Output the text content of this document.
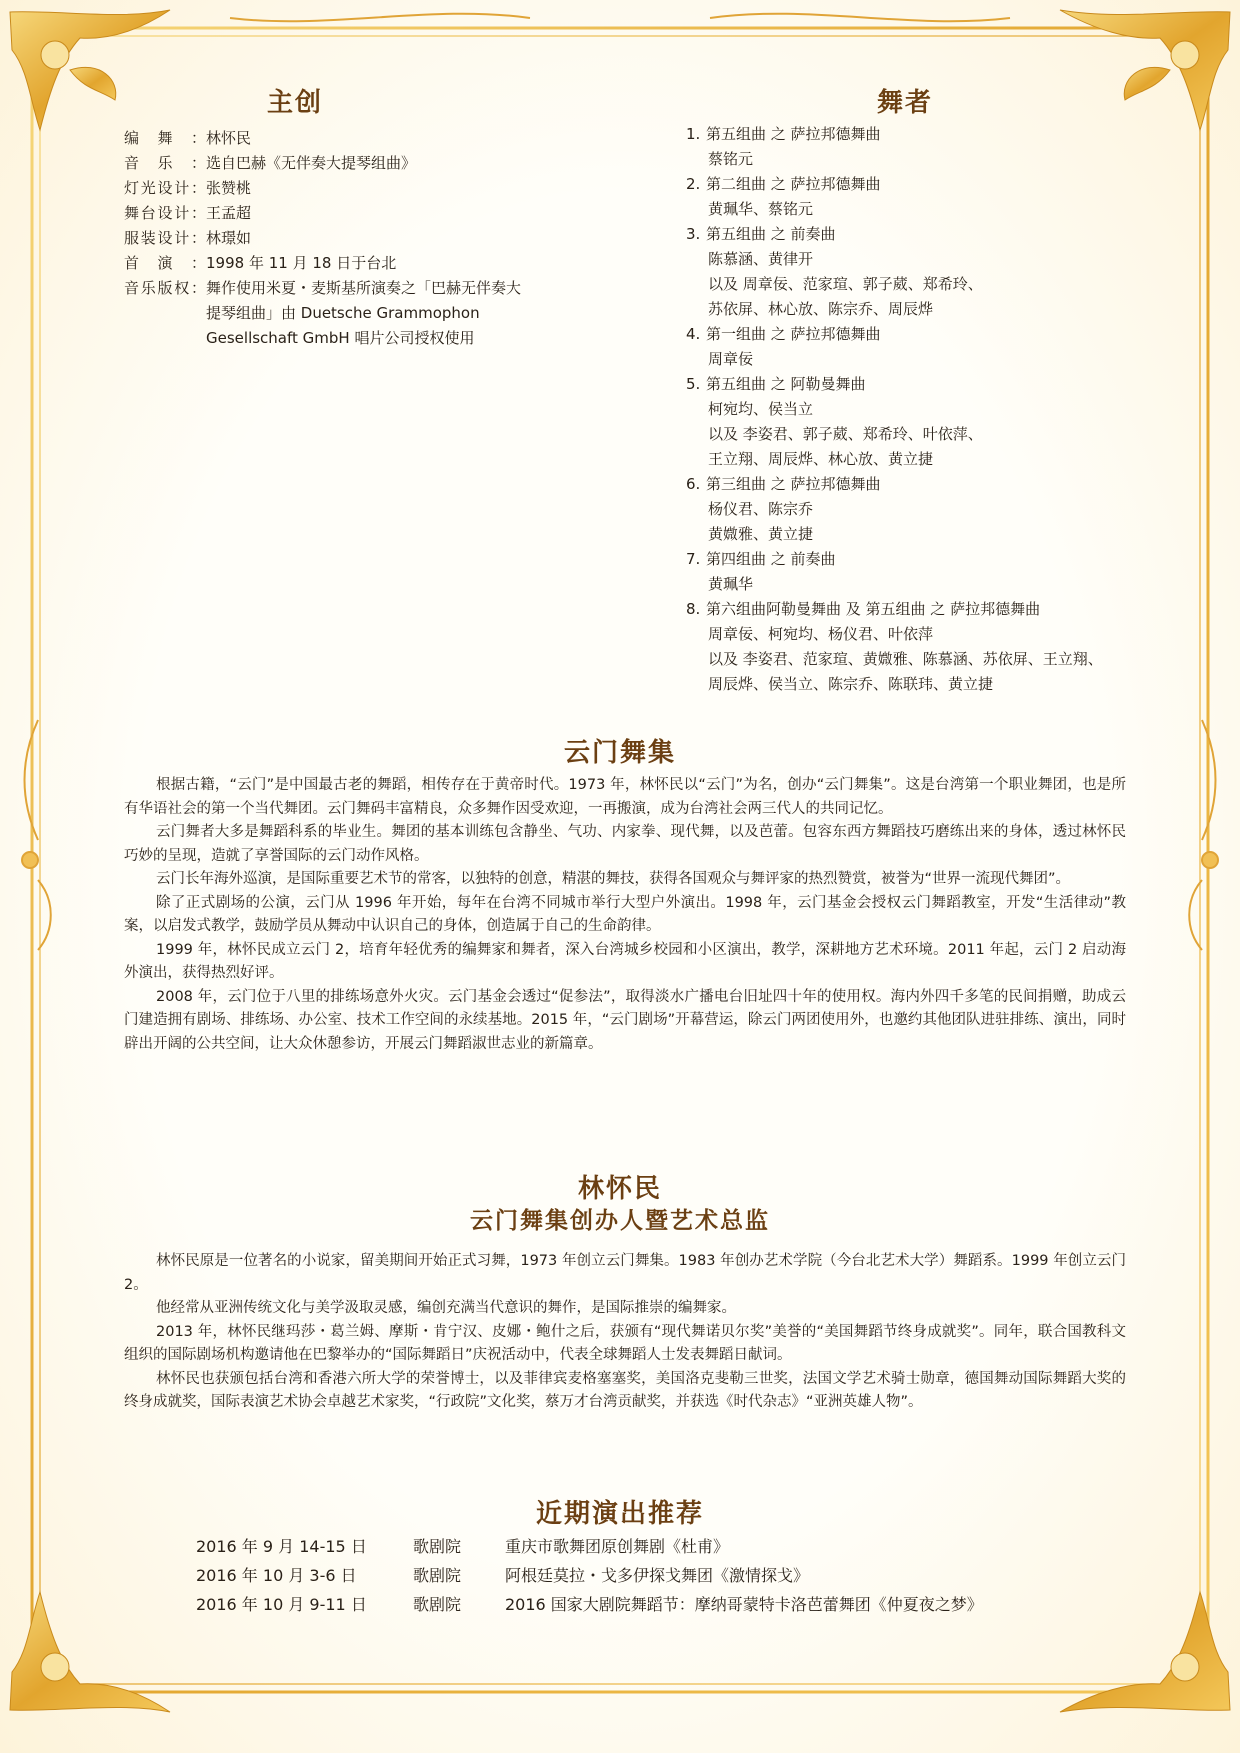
主创
编舞：林怀民
音乐：选自巴赫《无伴奏大提琴组曲》
灯光设计：张赞桃
舞台设计：王孟超
服装设计：林璟如
首演：1998 年 11 月 18 日于台北
音乐版权：舞作使用米夏・麦斯基所演奏之「巴赫无伴奏大
提琴组曲」由 Duetsche Grammophon
Gesellschaft GmbH 唱片公司授权使用
舞者
1. 第五组曲 之 萨拉邦德舞曲
蔡铭元
2. 第二组曲 之 萨拉邦德舞曲
黄珮华、蔡铭元
3. 第五组曲 之 前奏曲
陈慕涵、黄律开
以及 周章佞、范家瑄、郭子葳、郑希玲、
苏依屏、林心放、陈宗乔、周辰烨
4. 第一组曲 之 萨拉邦德舞曲
周章佞
5. 第五组曲 之 阿勒曼舞曲
柯宛均、侯当立
以及 李姿君、郭子葳、郑希玲、叶依萍、
王立翔、周辰烨、林心放、黄立捷
6. 第三组曲 之 萨拉邦德舞曲
杨仪君、陈宗乔
黄媺雅、黄立捷
7. 第四组曲 之 前奏曲
黄珮华
8. 第六组曲阿勒曼舞曲 及 第五组曲 之 萨拉邦德舞曲
周章佞、柯宛均、杨仪君、叶依萍
以及 李姿君、范家瑄、黄媺雅、陈慕涵、苏依屏、王立翔、
周辰烨、侯当立、陈宗乔、陈联玮、黄立捷
云门舞集

根据古籍，“云门”是中国最古老的舞蹈，相传存在于黄帝时代。1973 年，林怀民以“云门”为名，创办“云门舞集”。这是台湾第一个职业舞团，也是所有华语社会的第一个当代舞团。云门舞码丰富精良，众多舞作因受欢迎，一再搬演，成为台湾社会两三代人的共同记忆。

云门舞者大多是舞蹈科系的毕业生。舞团的基本训练包含静坐、气功、内家拳、现代舞，以及芭蕾。包容东西方舞蹈技巧磨练出来的身体，透过林怀民巧妙的呈现，造就了享誉国际的云门动作风格。

云门长年海外巡演，是国际重要艺术节的常客，以独特的创意，精湛的舞技，获得各国观众与舞评家的热烈赞赏，被誉为“世界一流现代舞团”。

除了正式剧场的公演，云门从 1996 年开始，每年在台湾不同城市举行大型户外演出。1998 年，云门基金会授权云门舞蹈教室，开发“生活律动”教案，以启发式教学，鼓励学员从舞动中认识自己的身体，创造属于自己的生命韵律。

1999 年，林怀民成立云门 2，培育年轻优秀的编舞家和舞者，深入台湾城乡校园和小区演出，教学，深耕地方艺术环境。2011 年起，云门 2 启动海外演出，获得热烈好评。

2008 年，云门位于八里的排练场意外火灾。云门基金会透过“促参法”，取得淡水广播电台旧址四十年的使用权。海内外四千多笔的民间捐赠，助成云门建造拥有剧场、排练场、办公室、技术工作空间的永续基地。2015 年，“云门剧场”开幕营运，除云门两团使用外，也邀约其他团队进驻排练、演出，同时辟出开阔的公共空间，让大众休憩参访，开展云门舞蹈淑世志业的新篇章。

林怀民
云门舞集创办人暨艺术总监

林怀民原是一位著名的小说家，留美期间开始正式习舞，1973 年创立云门舞集。1983 年创办艺术学院（今台北艺术大学）舞蹈系。1999 年创立云门 2。

他经常从亚洲传统文化与美学汲取灵感，编创充满当代意识的舞作，是国际推崇的编舞家。

2013 年，林怀民继玛莎・葛兰姆、摩斯・肯宁汉、皮娜・鲍什之后，获颁有“现代舞诺贝尔奖”美誉的“美国舞蹈节终身成就奖”。同年，联合国教科文组织的国际剧场机构邀请他在巴黎举办的“国际舞蹈日”庆祝活动中，代表全球舞蹈人士发表舞蹈日献词。

林怀民也获颁包括台湾和香港六所大学的荣誉博士，以及菲律宾麦格塞塞奖，美国洛克斐勒三世奖，法国文学艺术骑士勋章，德国舞动国际舞蹈大奖的终身成就奖，国际表演艺术协会卓越艺术家奖，“行政院”文化奖，蔡万才台湾贡献奖，并获选《时代杂志》“亚洲英雄人物”。

近期演出推荐
2016 年 9 月 14-15 日	歌剧院	重庆市歌舞团原创舞剧《杜甫》
2016 年 10 月 3-6 日	歌剧院	阿根廷莫拉・戈多伊探戈舞团《激情探戈》
2016 年 10 月 9-11 日	歌剧院	2016 国家大剧院舞蹈节：摩纳哥蒙特卡洛芭蕾舞团《仲夏夜之梦》
